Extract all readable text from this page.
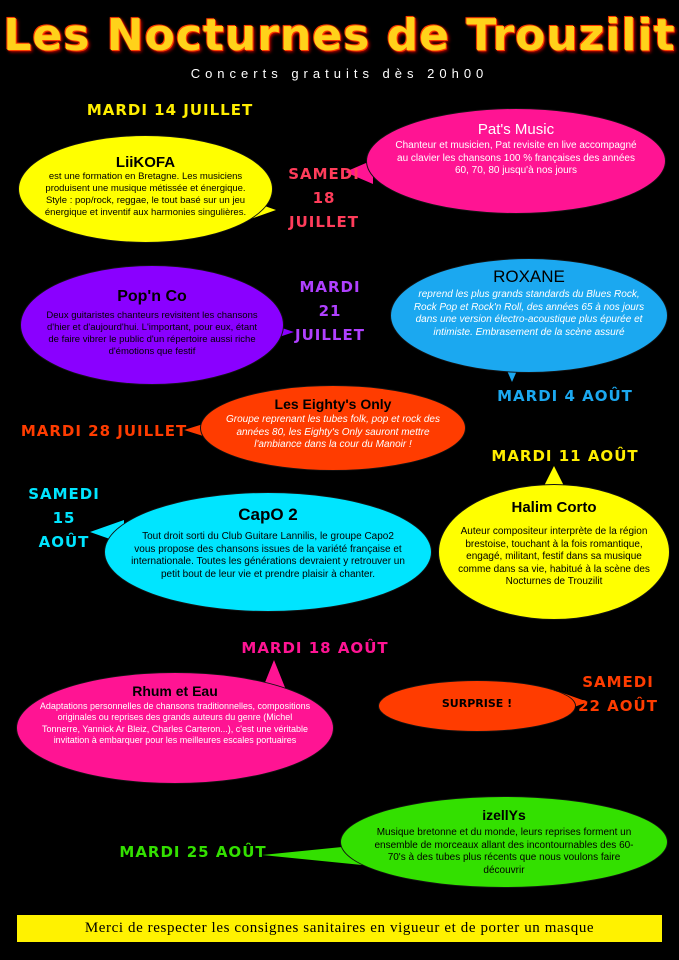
Les Nocturnes de Trouzilit
Concerts gratuits dès 20h00
MARDI 14 JUILLET
LiiKOFA
est une formation en Bretagne. Les musiciens produisent une musique métissée et énergique. Style : pop/rock, reggae, le tout basé sur un jeu énergique et inventif aux harmonies singulières.
Pat's Music
Chanteur et musicien, Pat revisite en live accompagné au clavier les chansons 100 % françaises des années 60, 70, 80 jusqu'à nos jours
SAMEDI
18
JUILLET
Pop'n Co
Deux guitaristes chanteurs revisitent les chansons d'hier et d'aujourd'hui. L'important, pour eux, étant de faire vibrer le public d'un répertoire aussi riche d'émotions que festif
MARDI
21
JUILLET
ROXANE
reprend les plus grands standards du Blues Rock, Rock Pop et Rock'n Roll, des années 65 à nos jours dans une version électro-acoustique plus épurée et intimiste. Embrasement de la scène assuré
MARDI 4 AOÛT
MARDI 28 JUILLET
Les Eighty's Only
Groupe reprenant les tubes folk, pop et rock des années 80, les Eighty's Only sauront mettre l'ambiance dans la cour du Manoir !
MARDI 11 AOÛT
Halim Corto
Auteur compositeur interprète de la région brestoise, touchant à la fois romantique, engagé, militant, festif dans sa musique comme dans sa vie, habitué à la scène des Nocturnes de Trouzilit
SAMEDI
15
AOÛT
CapO 2
Tout droit sorti du Club Guitare Lannilis, le groupe Capo2 vous propose des chansons issues de la variété française et internationale. Toutes les générations devraient y retrouver un petit bout de leur vie et prendre plaisir à chanter.
MARDI 18 AOÛT
Rhum et Eau
Adaptations personnelles de chansons traditionnelles, compositions originales ou reprises des grands auteurs du genre (Michel Tonnerre, Yannick Ar Bleiz, Charles Carteron...), c'est une véritable invitation à embarquer pour les meilleures escales portuaires
SURPRISE !
SAMEDI
22 AOÛT
MARDI 25 AOÛT
izellYs
Musique bretonne et du monde, leurs reprises forment un ensemble de morceaux allant des incontournables des 60-70's à des tubes plus récents que nous voulons faire découvrir
Merci de respecter les consignes sanitaires en vigueur et de porter un masque
